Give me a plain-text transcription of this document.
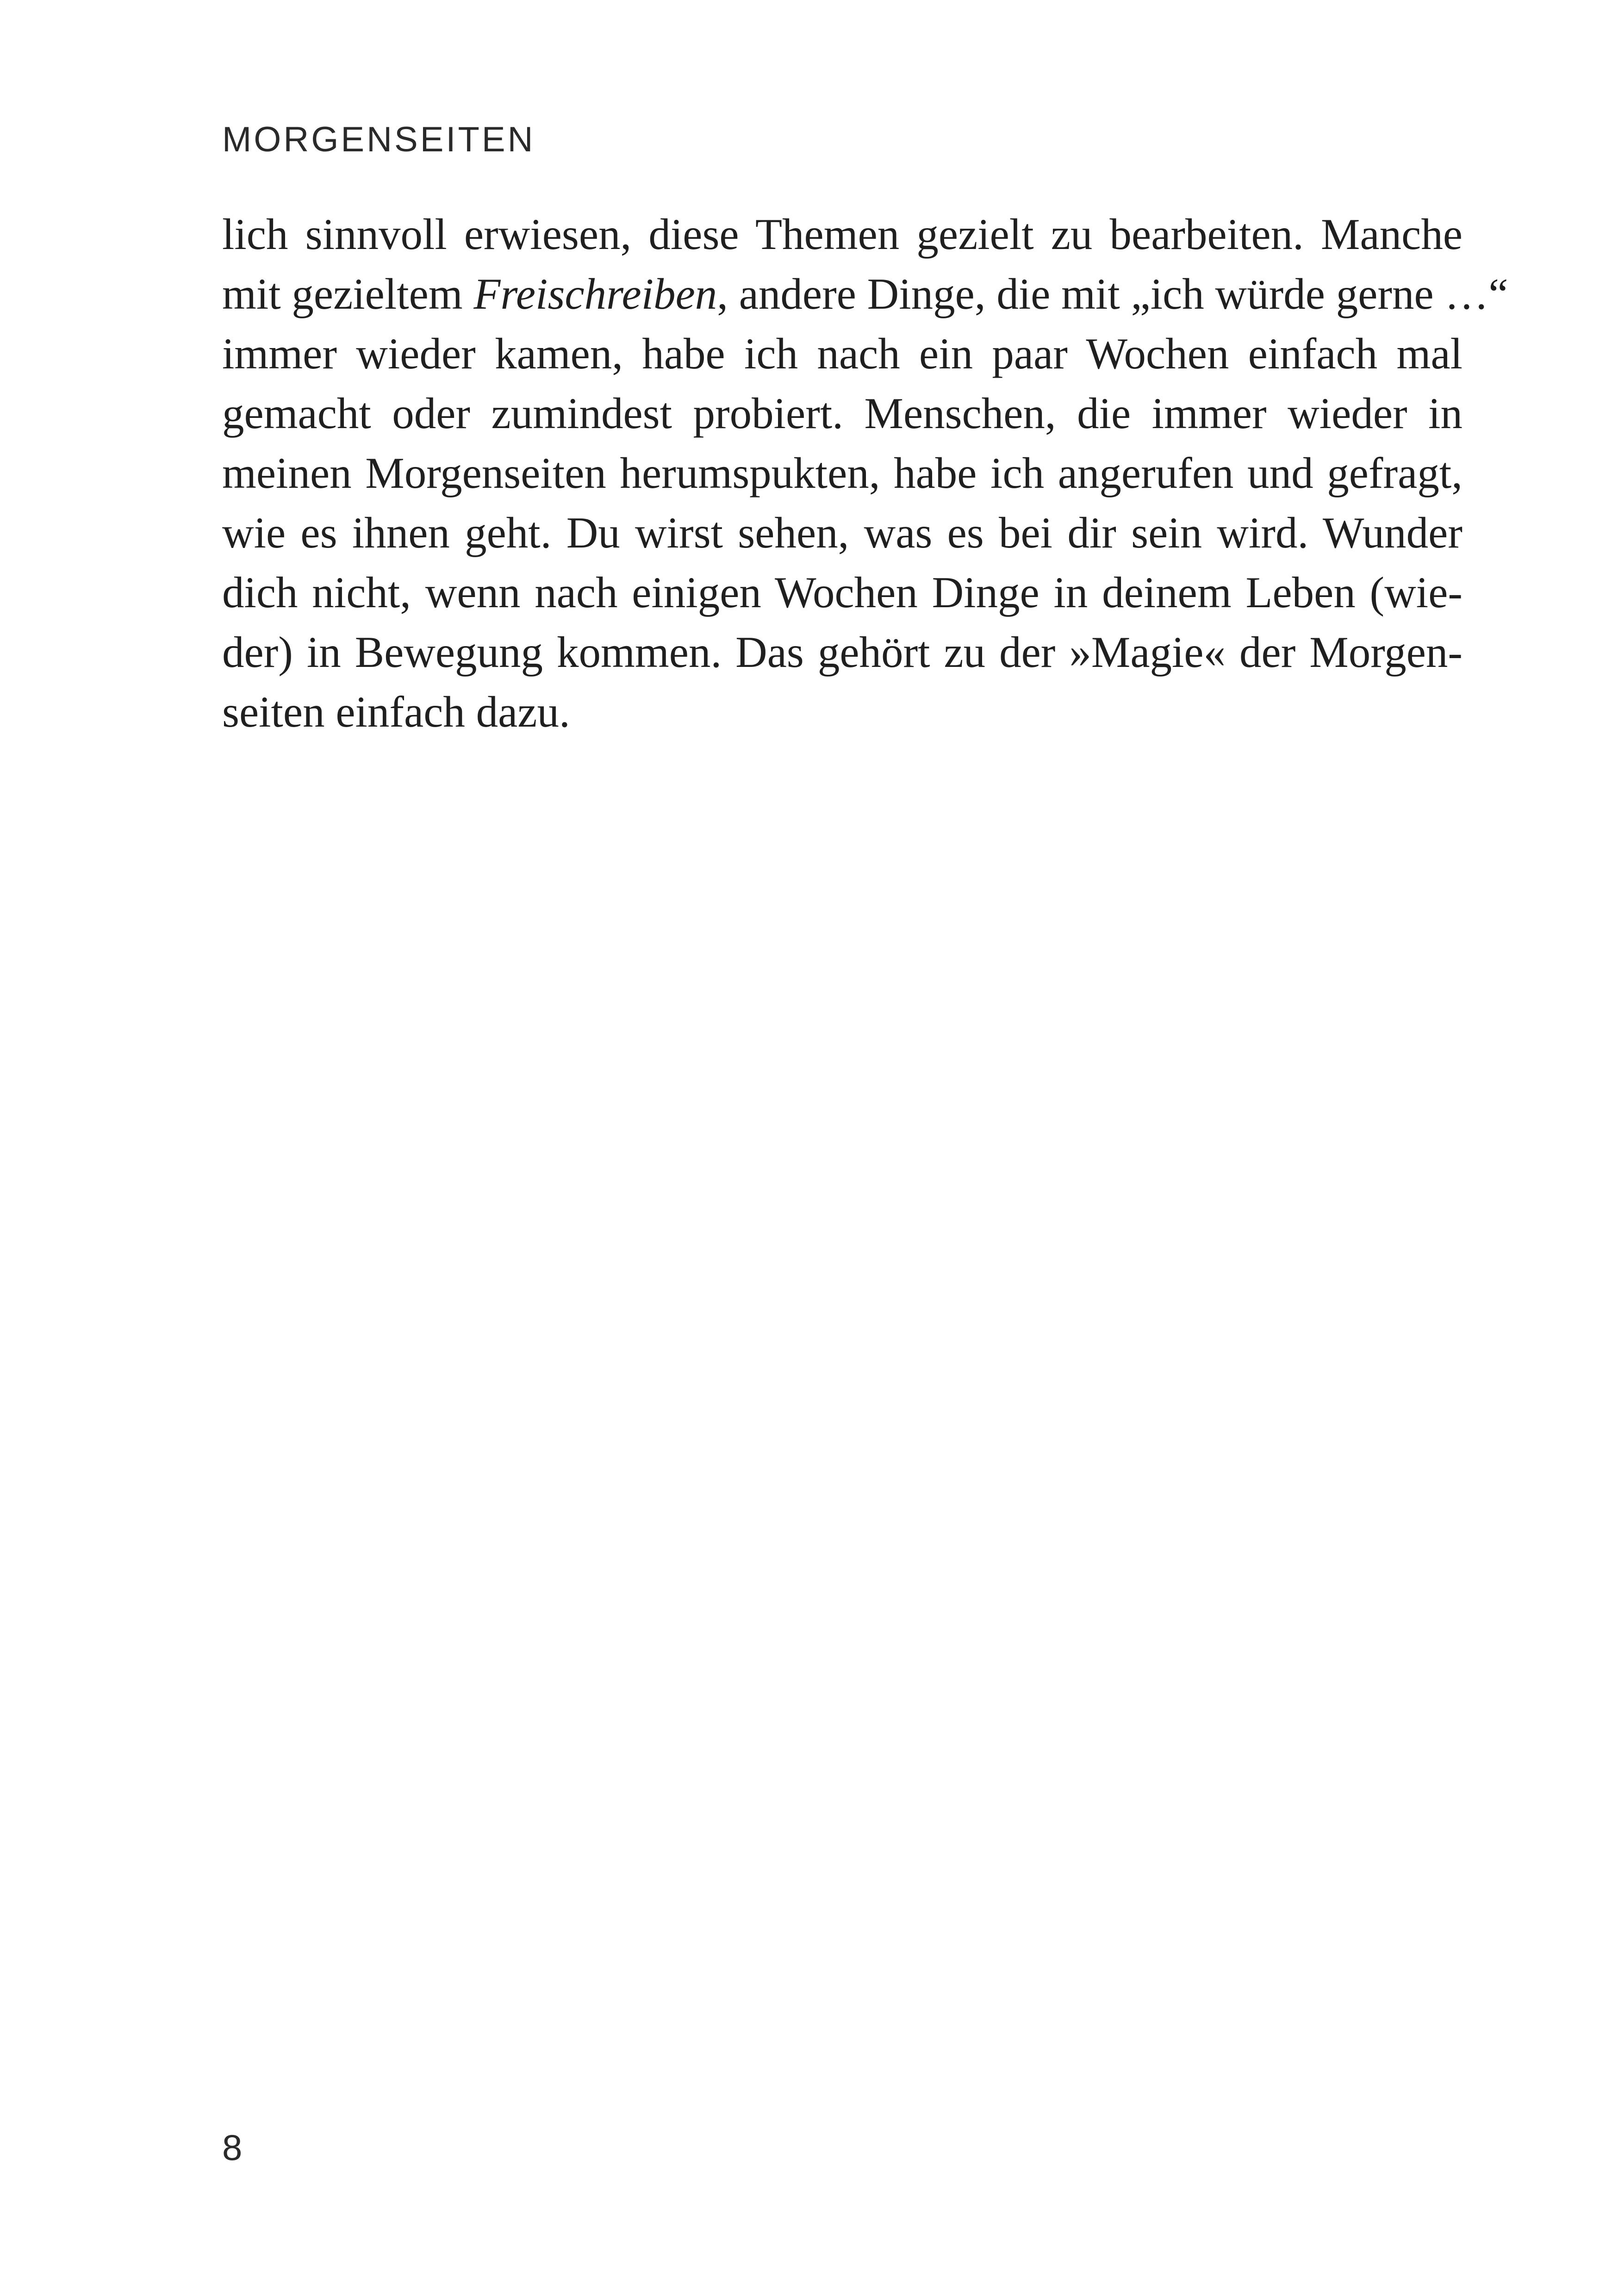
MORGENSEITEN
lich sinnvoll erwiesen, diese Themen gezielt zu bearbeiten. Manche
mit gezieltem Freischreiben, andere Dinge, die mit „ich würde gerne …“
immer wieder kamen, habe ich nach ein paar Wochen einfach mal
gemacht oder zumindest probiert. Menschen, die immer wieder in
meinen Morgenseiten herumspukten, habe ich angerufen und gefragt,
wie es ihnen geht. Du wirst sehen, was es bei dir sein wird. Wunder
dich nicht, wenn nach einigen Wochen Dinge in deinem Leben (wie-
der) in Bewegung kommen. Das gehört zu der »Magie« der Morgen-
seiten einfach dazu.
8
